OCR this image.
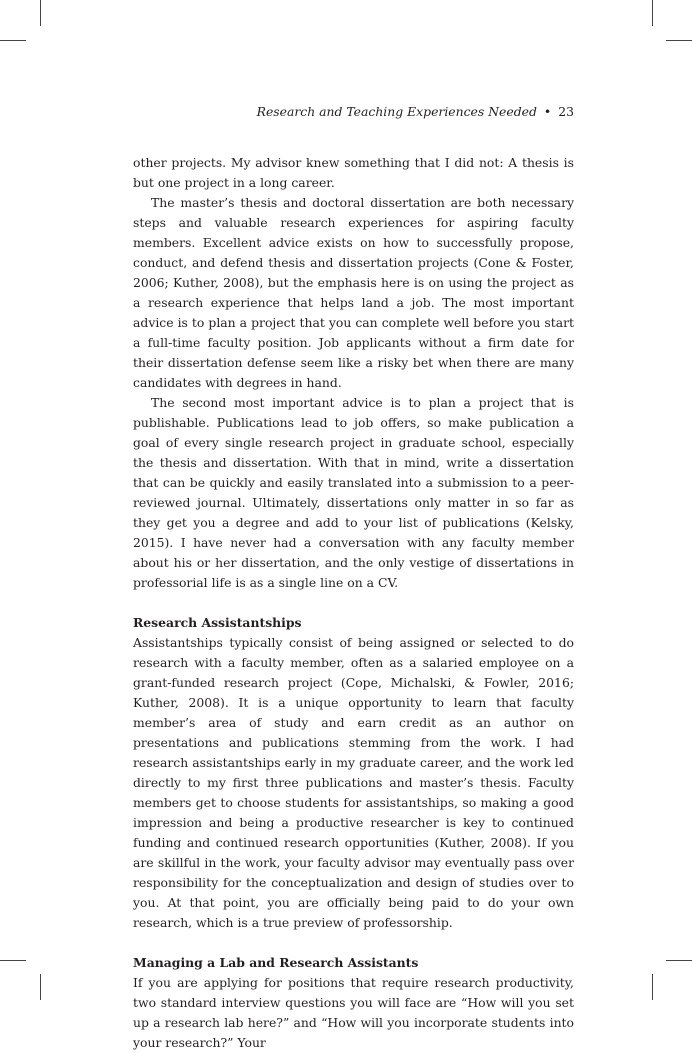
Research and Teaching Experiences Needed • 23

other projects. My advisor knew something that I did not: A thesis is but one project in a long career.

The master’s thesis and doctoral dissertation are both necessary steps and valuable research experiences for aspiring faculty members. Excellent advice exists on how to successfully propose, conduct, and defend thesis and dissertation projects (Cone & Foster, 2006; Kuther, 2008), but the emphasis here is on using the project as a research experience that helps land a job. The most important advice is to plan a project that you can complete well before you start a full-time faculty position. Job applicants without a firm date for their dissertation defense seem like a risky bet when there are many candidates with degrees in hand.

The second most important advice is to plan a project that is publishable. Publications lead to job offers, so make publication a goal of every single research project in graduate school, especially the thesis and dissertation. With that in mind, write a dissertation that can be quickly and easily translated into a submission to a peer-reviewed journal. Ultimately, dissertations only matter in so far as they get you a degree and add to your list of publications (Kelsky, 2015). I have never had a conversation with any faculty member about his or her dissertation, and the only vestige of dissertations in professorial life is as a single line on a CV.

Research Assistantships

Assistantships typically consist of being assigned or selected to do research with a faculty member, often as a salaried employee on a grant-funded research project (Cope, Michalski, & Fowler, 2016; Kuther, 2008). It is a unique opportunity to learn that faculty member’s area of study and earn credit as an author on presentations and publications stemming from the work. I had research assistantships early in my graduate career, and the work led directly to my first three publications and master’s thesis. Faculty members get to choose students for assistantships, so making a good impression and being a productive researcher is key to continued funding and continued research opportunities (Kuther, 2008). If you are skillful in the work, your faculty advisor may eventually pass over responsibility for the conceptualization and design of studies over to you. At that point, you are officially being paid to do your own research, which is a true preview of professorship.

Managing a Lab and Research Assistants

If you are applying for positions that require research productivity, two standard interview questions you will face are “How will you set up a research lab here?” and “How will you incorporate students into your research?” Your
